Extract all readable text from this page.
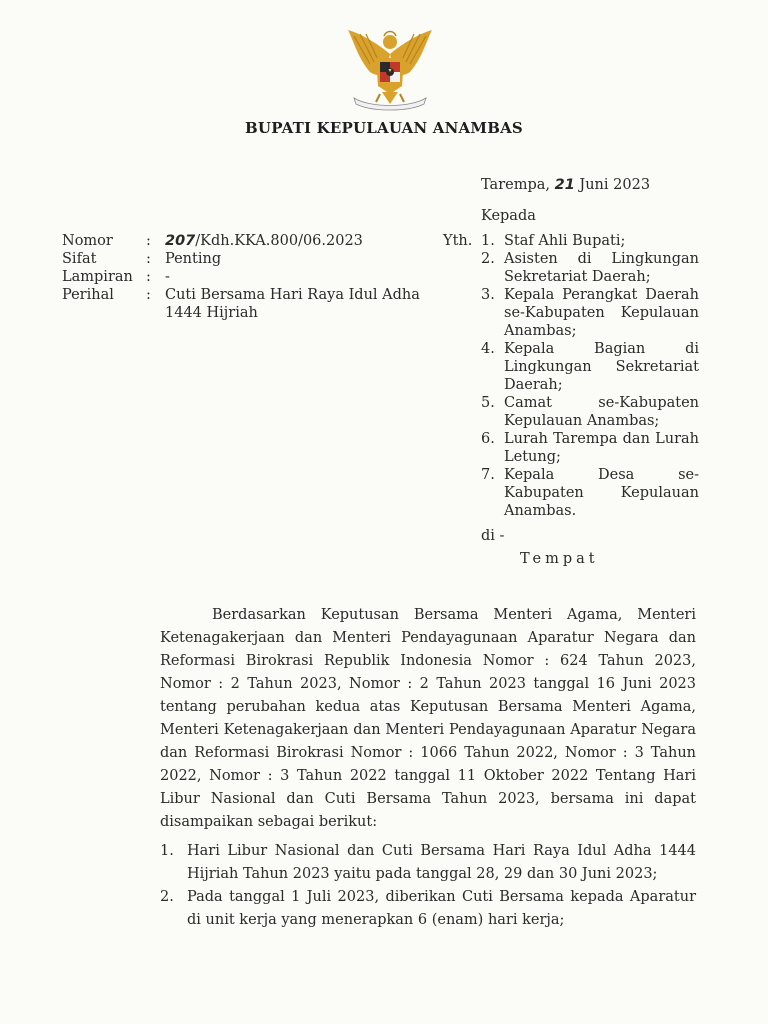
BUPATI KEPULAUAN ANAMBAS
Tarempa, 21 Juni 2023
Kepada
Nomor	: 207/Kdh.KKA.800/06.2023
Sifat	: Penting
Lampiran : -
Perihal	: Cuti Bersama Hari Raya Idul Adha 1444 Hijriah
Yth. 1. Staf Ahli Bupati;
2. Asisten di Lingkungan Sekretariat Daerah;
3. Kepala Perangkat Daerah se-Kabupaten Kepulauan Anambas;
4. Kepala Bagian di Lingkungan Sekretariat Daerah;
5. Camat se-Kabupaten Kepulauan Anambas;
6. Lurah Tarempa dan Lurah Letung;
7. Kepala Desa se-Kabupaten Kepulauan Anambas.
di -
Tempat

Berdasarkan Keputusan Bersama Menteri Agama, Menteri Ketenagakerjaan dan Menteri Pendayagunaan Aparatur Negara dan Reformasi Birokrasi Republik Indonesia Nomor : 624 Tahun 2023, Nomor : 2 Tahun 2023, Nomor : 2 Tahun 2023 tanggal 16 Juni 2023 tentang perubahan kedua atas Keputusan Bersama Menteri Agama, Menteri Ketenagakerjaan dan Menteri Pendayagunaan Aparatur Negara dan Reformasi Birokrasi Nomor : 1066 Tahun 2022, Nomor : 3 Tahun 2022, Nomor : 3 Tahun 2022 tanggal 11 Oktober 2022 Tentang Hari Libur Nasional dan Cuti Bersama Tahun 2023, bersama ini dapat disampaikan sebagai berikut:

1. Hari Libur Nasional dan Cuti Bersama Hari Raya Idul Adha 1444 Hijriah Tahun 2023 yaitu pada tanggal 28, 29 dan 30 Juni 2023;
2. Pada tanggal 1 Juli 2023, diberikan Cuti Bersama kepada Aparatur di unit kerja yang menerapkan 6 (enam) hari kerja;
